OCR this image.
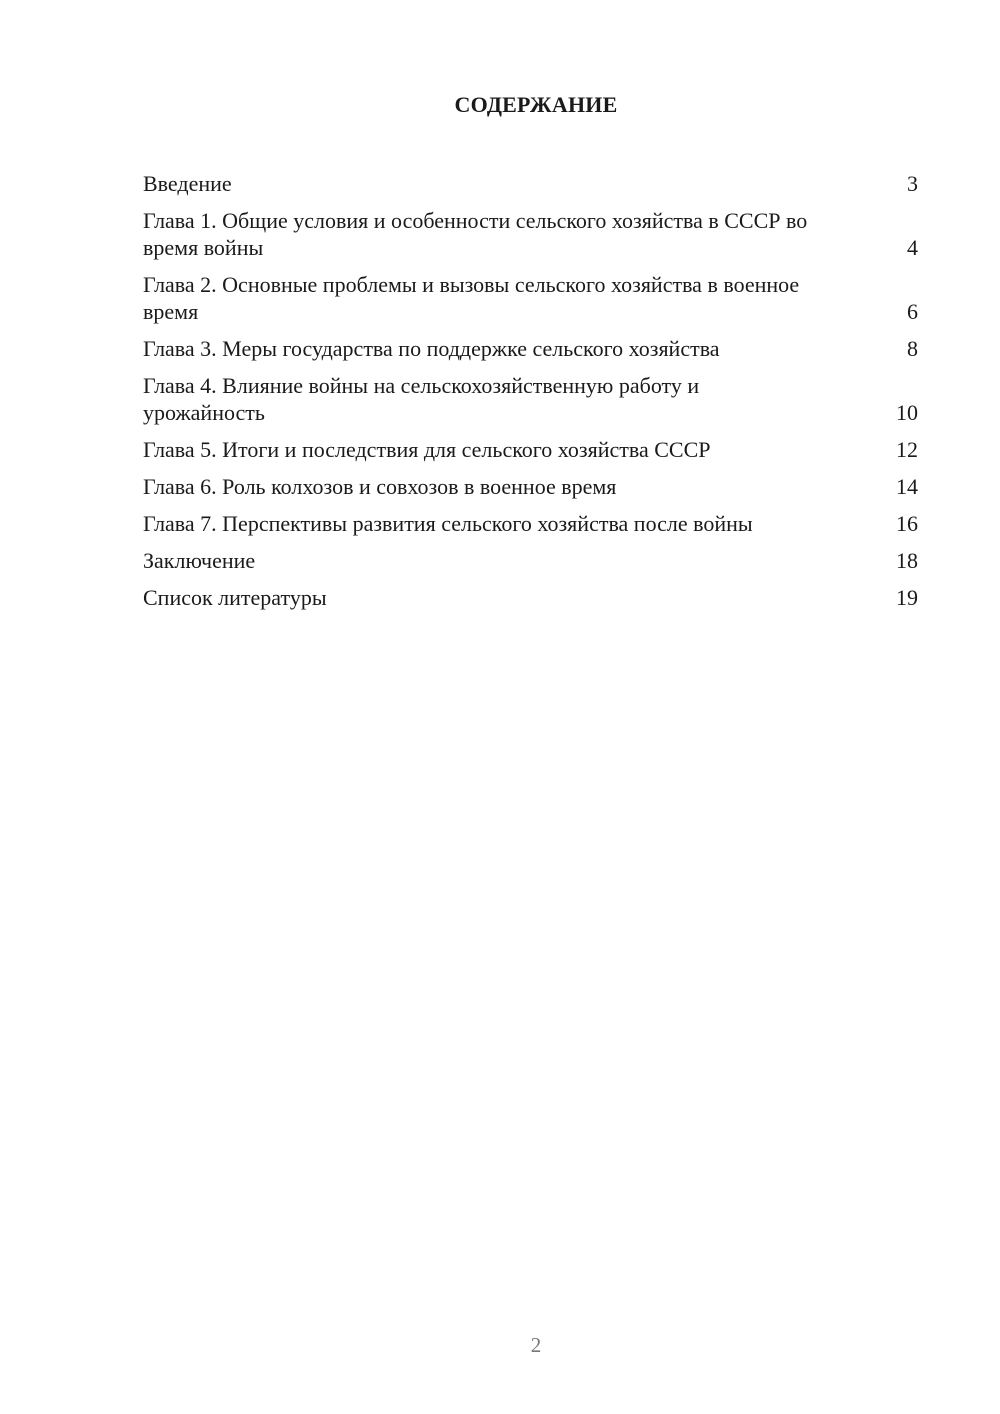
СОДЕРЖАНИЕ
Введение	3
Глава 1. Общие условия и особенности сельского хозяйства в СССР во время войны	4
Глава 2. Основные проблемы и вызовы сельского хозяйства в военное время	6
Глава 3. Меры государства по поддержке сельского хозяйства	8
Глава 4. Влияние войны на сельскохозяйственную работу и урожайность	10
Глава 5. Итоги и последствия для сельского хозяйства СССР	12
Глава 6. Роль колхозов и совхозов в военное время	14
Глава 7. Перспективы развития сельского хозяйства после войны	16
Заключение	18
Список литературы	19
2
